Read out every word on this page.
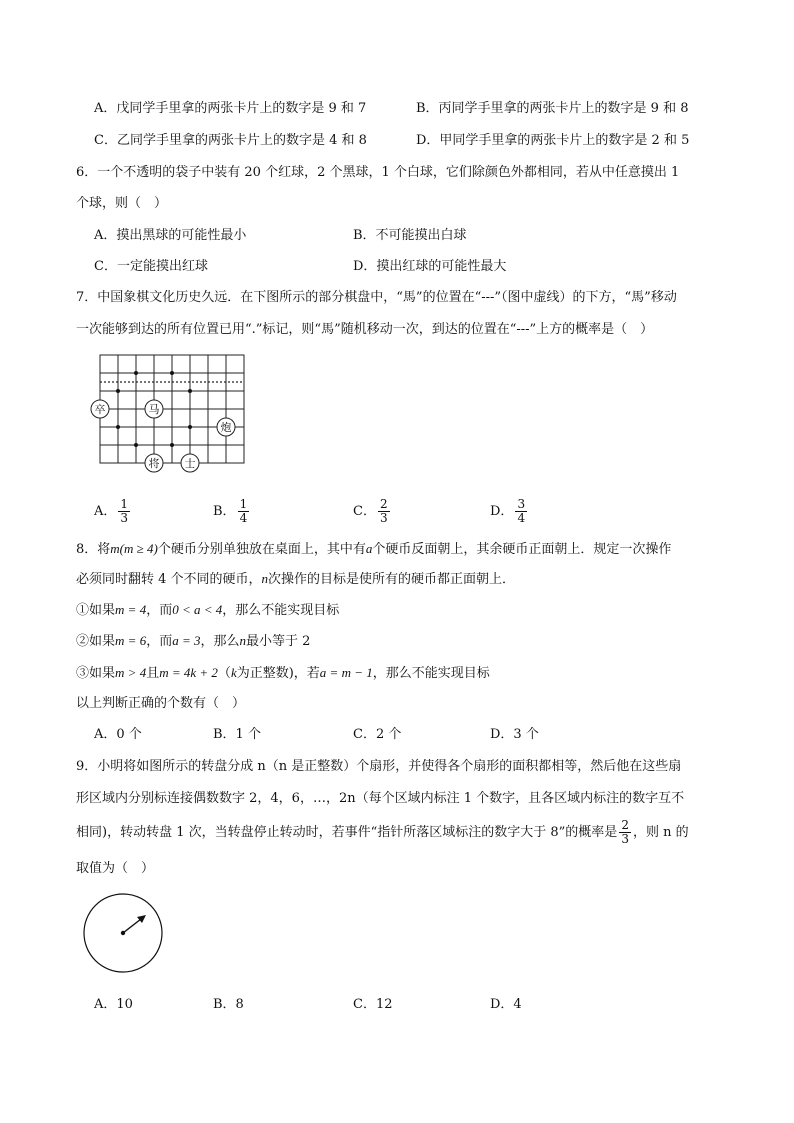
A．戊同学手里拿的两张卡片上的数字是 9 和 7	B．丙同学手里拿的两张卡片上的数字是 9 和 8
C．乙同学手里拿的两张卡片上的数字是 4 和 8	D．甲同学手里拿的两张卡片上的数字是 2 和 5
6．一个不透明的袋子中装有 20 个红球，2 个黑球，1 个白球，它们除颜色外都相同，若从中任意摸出 1
个球，则（　）
A．摸出黑球的可能性最小	B．不可能摸出白球
C．一定能摸出红球	D．摸出红球的可能性最大
7．中国象棋文化历史久远．在下图所示的部分棋盘中，“馬”的位置在“---”（图中虚线）的下方，“馬”移动
一次能够到达的所有位置已用“.”标记，则“馬”随机移动一次，到达的位置在“---”上方的概率是（　）
卒	马
炮
将 士
A． $\frac{1}{3}$	B． $\frac{1}{4}$	C． $\frac{2}{3}$	D． $\frac{3}{4}$
8．将m(m ≥ 4)个硬币分别单独放在桌面上，其中有a个硬币反面朝上，其余硬币正面朝上．规定一次操作
必须同时翻转 4 个不同的硬币，n次操作的目标是使所有的硬币都正面朝上．
①如果m = 4，而0 < a < 4，那么不能实现目标
②如果m = 6，而a = 3，那么n最小等于 2
③如果m > 4且m = 4k + 2（k为正整数)，若a = m − 1，那么不能实现目标
以上判断正确的个数有（　）
A．0 个	B．1 个	C．2 个	D．3 个
9．小明将如图所示的转盘分成 n（n 是正整数）个扇形，并使得各个扇形的面积都相等，然后他在这些扇
形区域内分别标连接偶数数字 2，4，6，…，2n（每个区域内标注 1 个数字，且各区域内标注的数字互不
相同)，转动转盘 1 次，当转盘停止转动时，若事件“指针所落区域标注的数字大于 8”的概率是 $\frac{2}{3}$ ，则 n 的
取值为（　）
A．10	B．8	C．12	D．4
